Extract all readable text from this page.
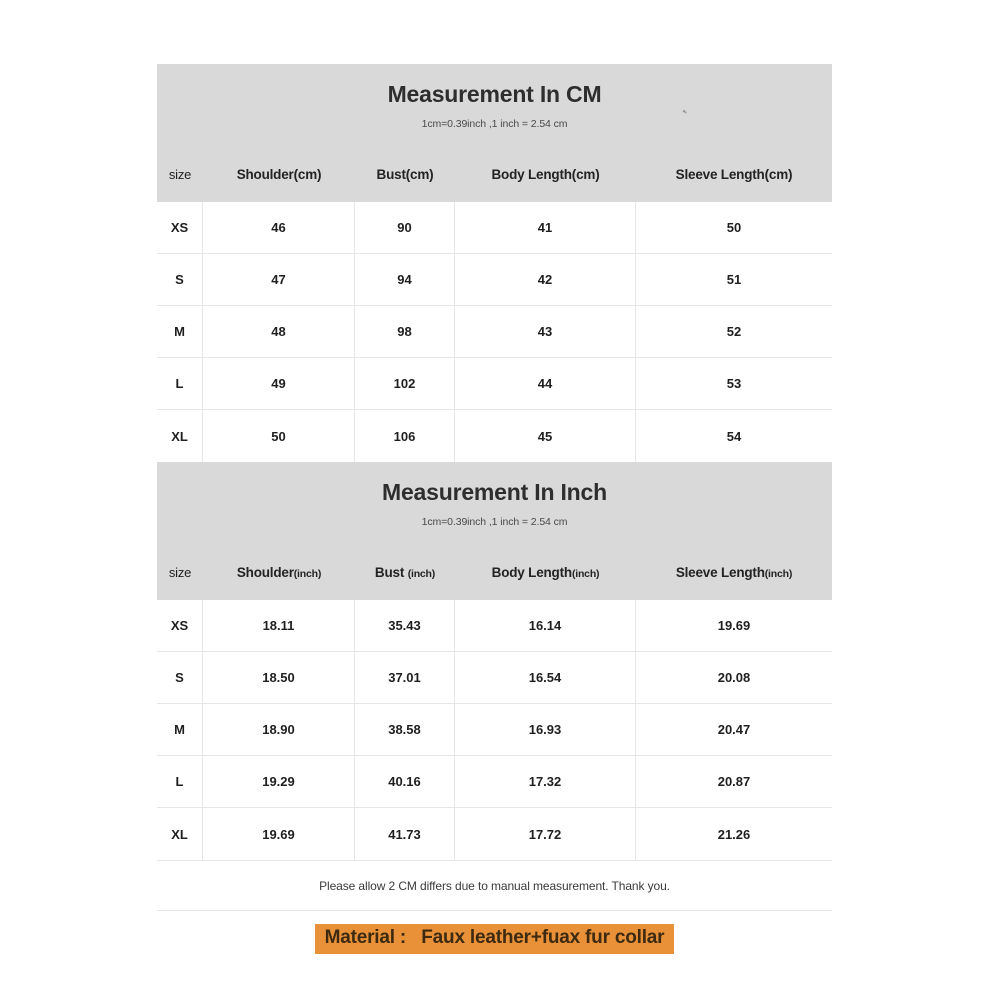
Measurement In CM
1cm=0.39inch ,1 inch = 2.54 cm
size	Shoulder(cm)	Bust(cm)	Body Length(cm)	Sleeve Length(cm)
XS	46	90	41	50
S	47	94	42	51
M	48	98	43	52
L	49	102	44	53
XL	50	106	45	54
Measurement In Inch
1cm=0.39inch ,1 inch = 2.54 cm
size	Shoulder(inch)	Bust (inch)	Body Length(inch)	Sleeve Length(inch)
XS	18.11	35.43	16.14	19.69
S	18.50	37.01	16.54	20.08
M	18.90	38.58	16.93	20.47
L	19.29	40.16	17.32	20.87
XL	19.69	41.73	17.72	21.26
Please allow 2 CM differs due to manual measurement. Thank you.
Material :   Faux leather+fuax fur collar
